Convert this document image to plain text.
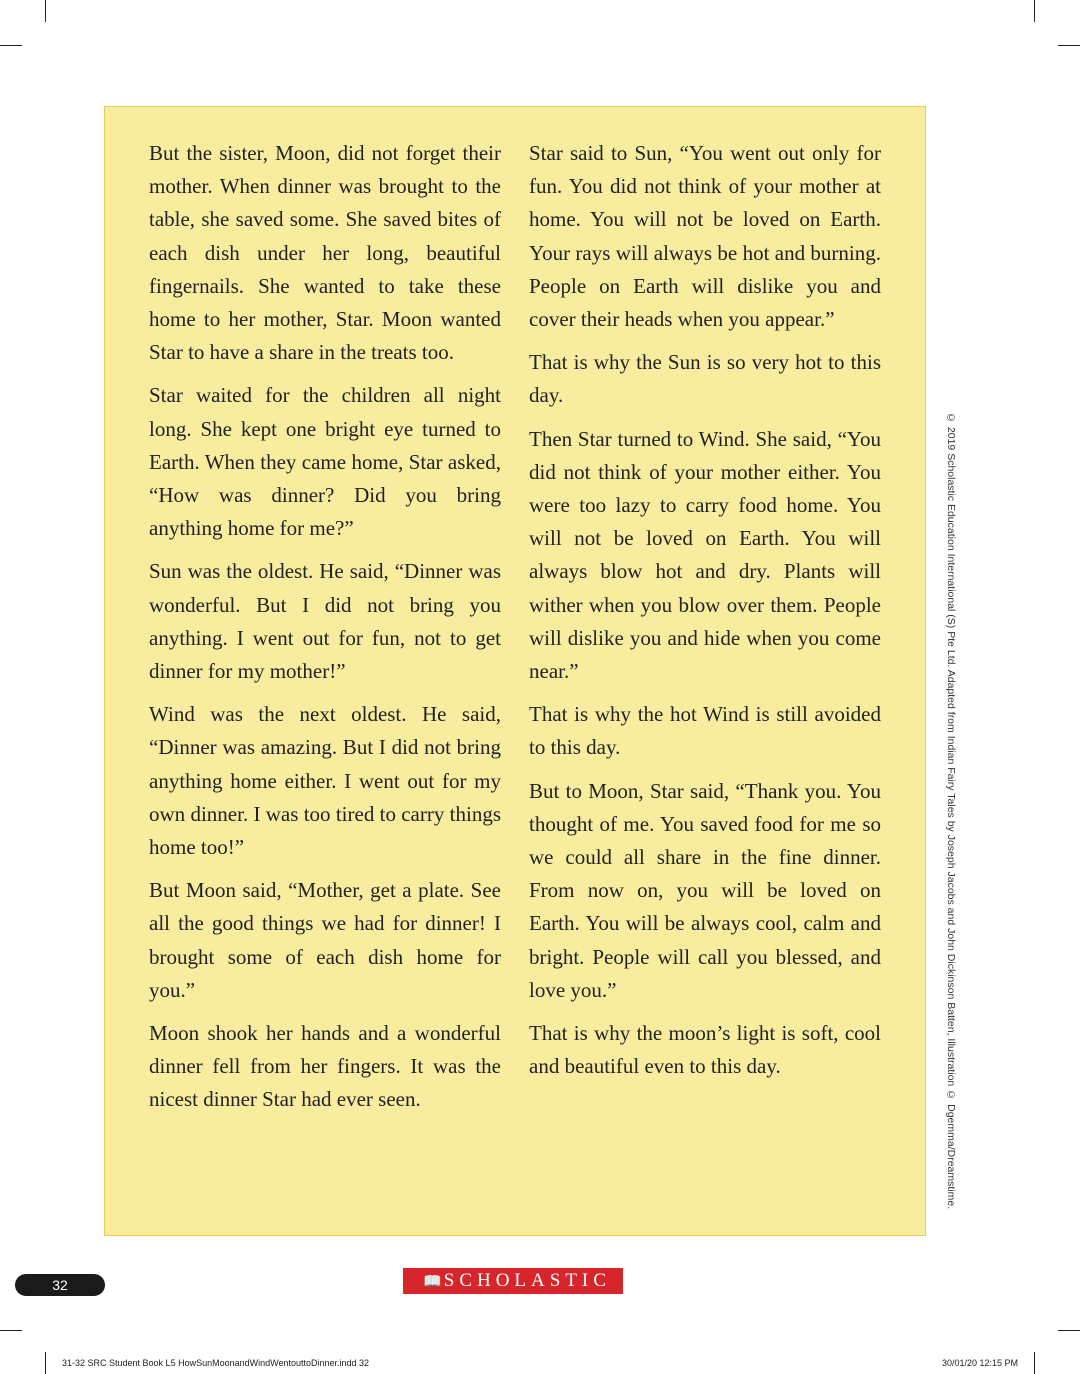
But the sister, Moon, did not forget their mother. When dinner was brought to the table, she saved some. She saved bites of each dish under her long, beautiful fingernails. She wanted to take these home to her mother, Star. Moon wanted Star to have a share in the treats too.

Star waited for the children all night long. She kept one bright eye turned to Earth. When they came home, Star asked, “How was dinner? Did you bring anything home for me?”

Sun was the oldest. He said, “Dinner was wonderful. But I did not bring you anything. I went out for fun, not to get dinner for my mother!”

Wind was the next oldest. He said, “Dinner was amazing. But I did not bring anything home either. I went out for my own dinner. I was too tired to carry things home too!”

But Moon said, “Mother, get a plate. See all the good things we had for dinner! I brought some of each dish home for you.”

Moon shook her hands and a wonderful dinner fell from her fingers. It was the nicest dinner Star had ever seen.

Star said to Sun, “You went out only for fun. You did not think of your mother at home. You will not be loved on Earth. Your rays will always be hot and burning. People on Earth will dislike you and cover their heads when you appear.”

That is why the Sun is so very hot to this day.

Then Star turned to Wind. She said, “You did not think of your mother either. You were too lazy to carry food home. You will not be loved on Earth. You will always blow hot and dry. Plants will wither when you blow over them. People will dislike you and hide when you come near.”

That is why the hot Wind is still avoided to this day.

But to Moon, Star said, “Thank you. You thought of me. You saved food for me so we could all share in the fine dinner. From now on, you will be loved on Earth. You will be always cool, calm and bright. People will call you blessed, and love you.”

That is why the moon’s light is soft, cool and beautiful even to this day.	© 2019 Scholastic Education International (S) Pte Ltd. Adapted from Indian Fairy Tales by Joseph Jacobs and John Dickinson Batten, Illustration © Dgemma/Dreamstime.
32	📖 SCHOLASTIC
31-32 SRC Student Book L5 HowSunMoonandWindWentouttoDinner.indd 32	30/01/20 12:15 PM
